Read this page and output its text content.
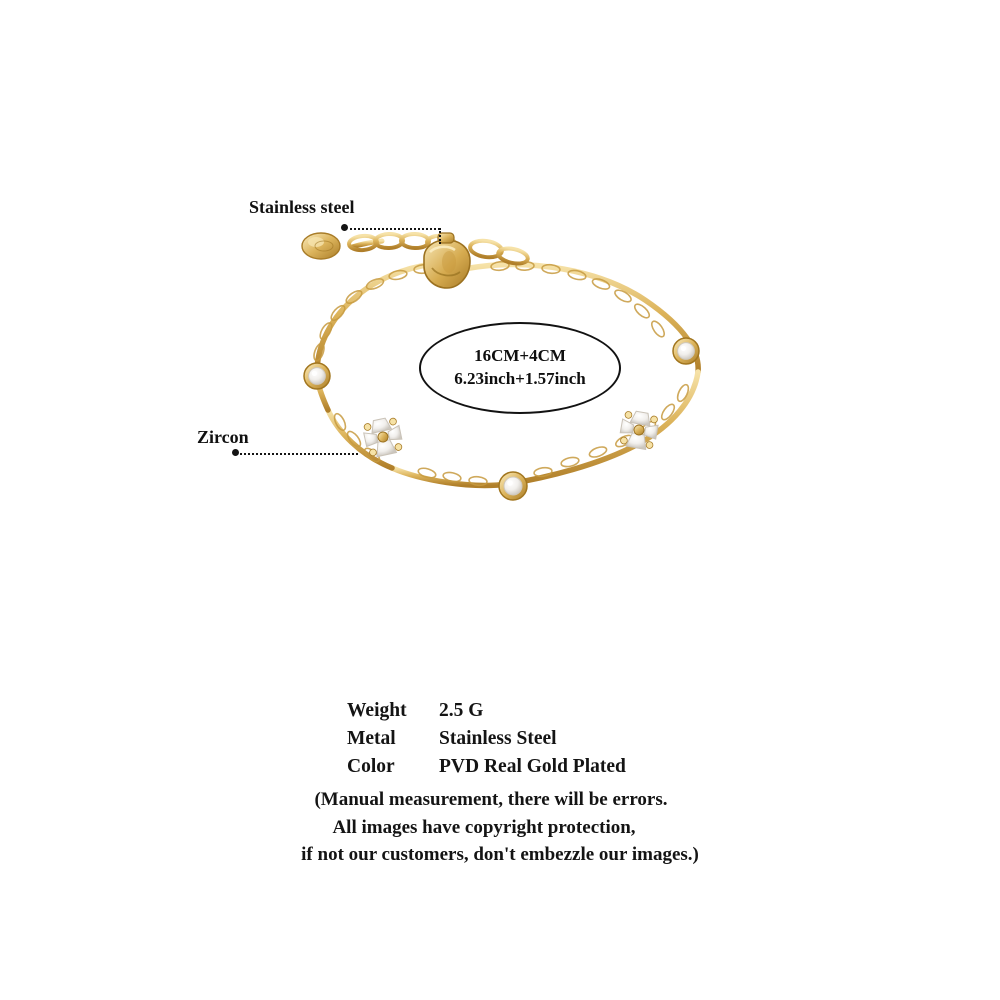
Stainless steel
Zircon
16CM+4CM
6.23inch+1.57inch
Weight	2.5 G
Metal	Stainless Steel
Color	PVD Real Gold Plated
(Manual measurement, there will be errors.
All images have copyright protection,
if not our customers, don't embezzle our images.)
